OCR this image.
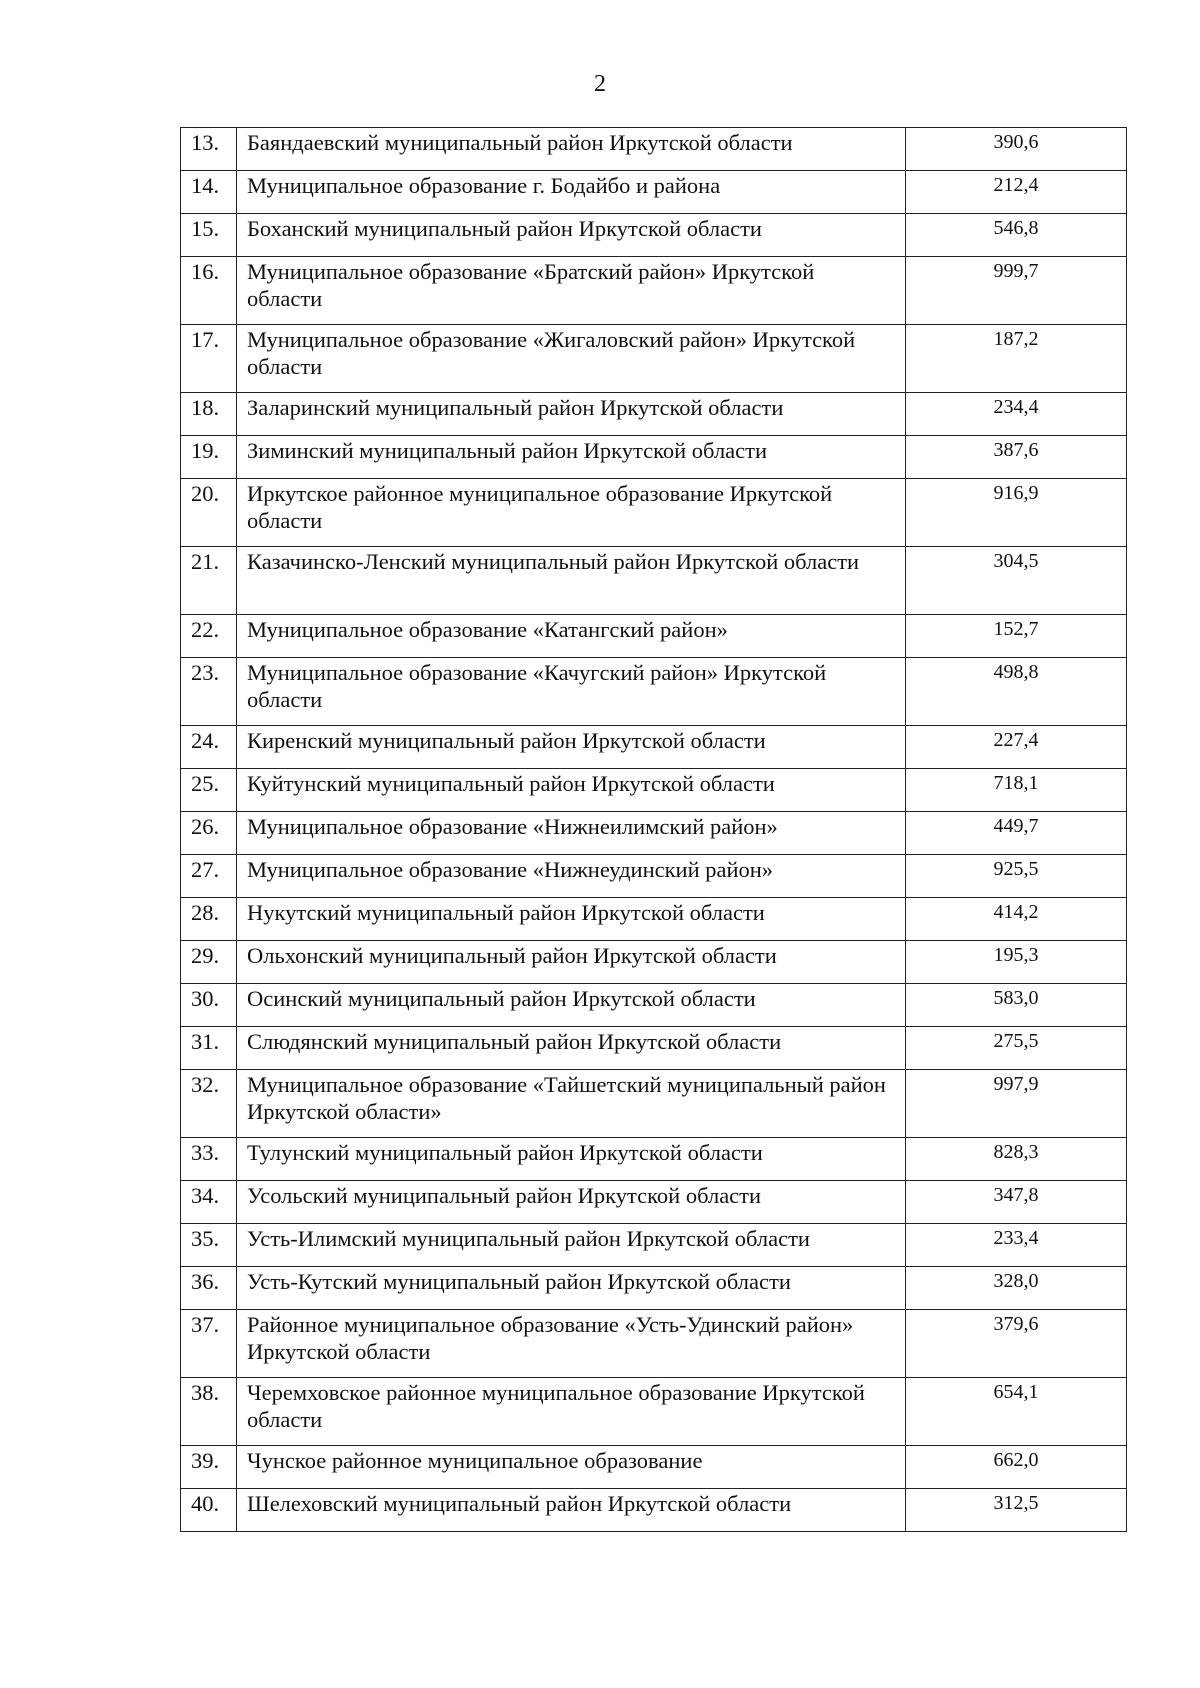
2
13.	Баяндаевский муниципальный район Иркутской области	390,6
14.	Муниципальное образование г. Бодайбо и района	212,4
15.	Боханский муниципальный район Иркутской области	546,8
16.	Муниципальное образование «Братский район» Иркутской области	999,7
17.	Муниципальное образование «Жигаловский район» Иркутской области	187,2
18.	Заларинский муниципальный район Иркутской области	234,4
19.	Зиминский муниципальный район Иркутской области	387,6
20.	Иркутское районное муниципальное образование Иркутской области	916,9
21.	Казачинско-Ленский муниципальный район Иркутской области	304,5
22.	Муниципальное образование «Катангский район»	152,7
23.	Муниципальное образование «Качугский район» Иркутской области	498,8
24.	Киренский муниципальный район Иркутской области	227,4
25.	Куйтунский муниципальный район Иркутской области	718,1
26.	Муниципальное образование «Нижнеилимский район»	449,7
27.	Муниципальное образование «Нижнеудинский район»	925,5
28.	Нукутский муниципальный район Иркутской области	414,2
29.	Ольхонский муниципальный район Иркутской области	195,3
30.	Осинский муниципальный район Иркутской области	583,0
31.	Слюдянский муниципальный район Иркутской области	275,5
32.	Муниципальное образование «Тайшетский муниципальный район Иркутской области»	997,9
33.	Тулунский муниципальный район Иркутской области	828,3
34.	Усольский муниципальный район Иркутской области	347,8
35.	Усть-Илимский муниципальный район Иркутской области	233,4
36.	Усть-Кутский муниципальный район Иркутской области	328,0
37.	Районное муниципальное образование «Усть-Удинский район» Иркутской области	379,6
38.	Черемховское районное муниципальное образование Иркутской области	654,1
39.	Чунское районное муниципальное образование	662,0
40.	Шелеховский муниципальный район Иркутской области	312,5
